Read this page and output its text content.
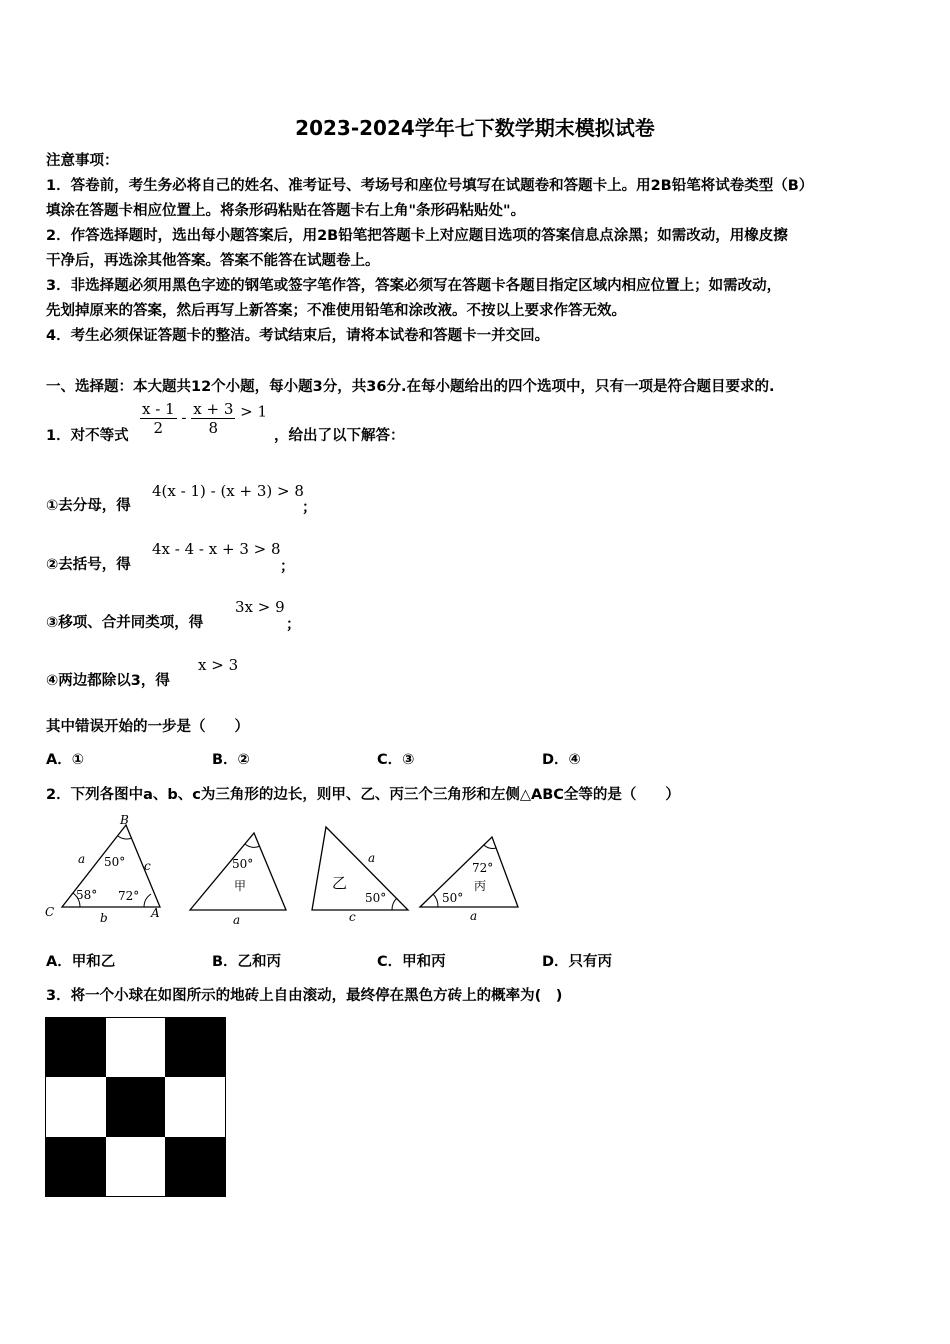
2023-2024学年七下数学期末模拟试卷
注意事项：
1．答卷前，考生务必将自己的姓名、准考证号、考场号和座位号填写在试题卷和答题卡上。用2B铅笔将试卷类型（B）
填涂在答题卡相应位置上。将条形码粘贴在答题卡右上角"条形码粘贴处"。
2．作答选择题时，选出每小题答案后，用2B铅笔把答题卡上对应题目选项的答案信息点涂黑；如需改动，用橡皮擦
干净后，再选涂其他答案。答案不能答在试题卷上。
3．非选择题必须用黑色字迹的钢笔或签字笔作答，答案必须写在答题卡各题目指定区域内相应位置上；如需改动，
先划掉原来的答案，然后再写上新答案；不准使用铅笔和涂改液。不按以上要求作答无效。
4．考生必须保证答题卡的整洁。考试结束后，请将本试卷和答题卡一并交回。
一、选择题：本大题共12个小题，每小题3分，共36分.在每小题给出的四个选项中，只有一项是符合题目要求的.
1．对不等式 $\frac{x - 1}{2} - \frac{x + 3}{8} > 1$
，给出了以下解答：
①去分母，得
4(x - 1) - (x + 3) > 8
；
②去括号，得
4x - 4 - x + 3 > 8
；
③移项、合并同类项，得
3x > 9
；
④两边都除以3，得
x > 3
其中错误开始的一步是（　　）
A．①	B．②	C．③	D．④
2．下列各图中a、b、c为三角形的边长，则甲、乙、丙三个三角形和左侧△ABC全等的是（　　）
B
C	A
a	c
b
50°
58° 72°
50°
甲
a
乙
a
50°
c
72°
丙
50°
a
A．甲和乙	B．乙和丙	C．甲和丙	D．只有丙
3．将一个小球在如图所示的地砖上自由滚动，最终停在黑色方砖上的概率为(　)
